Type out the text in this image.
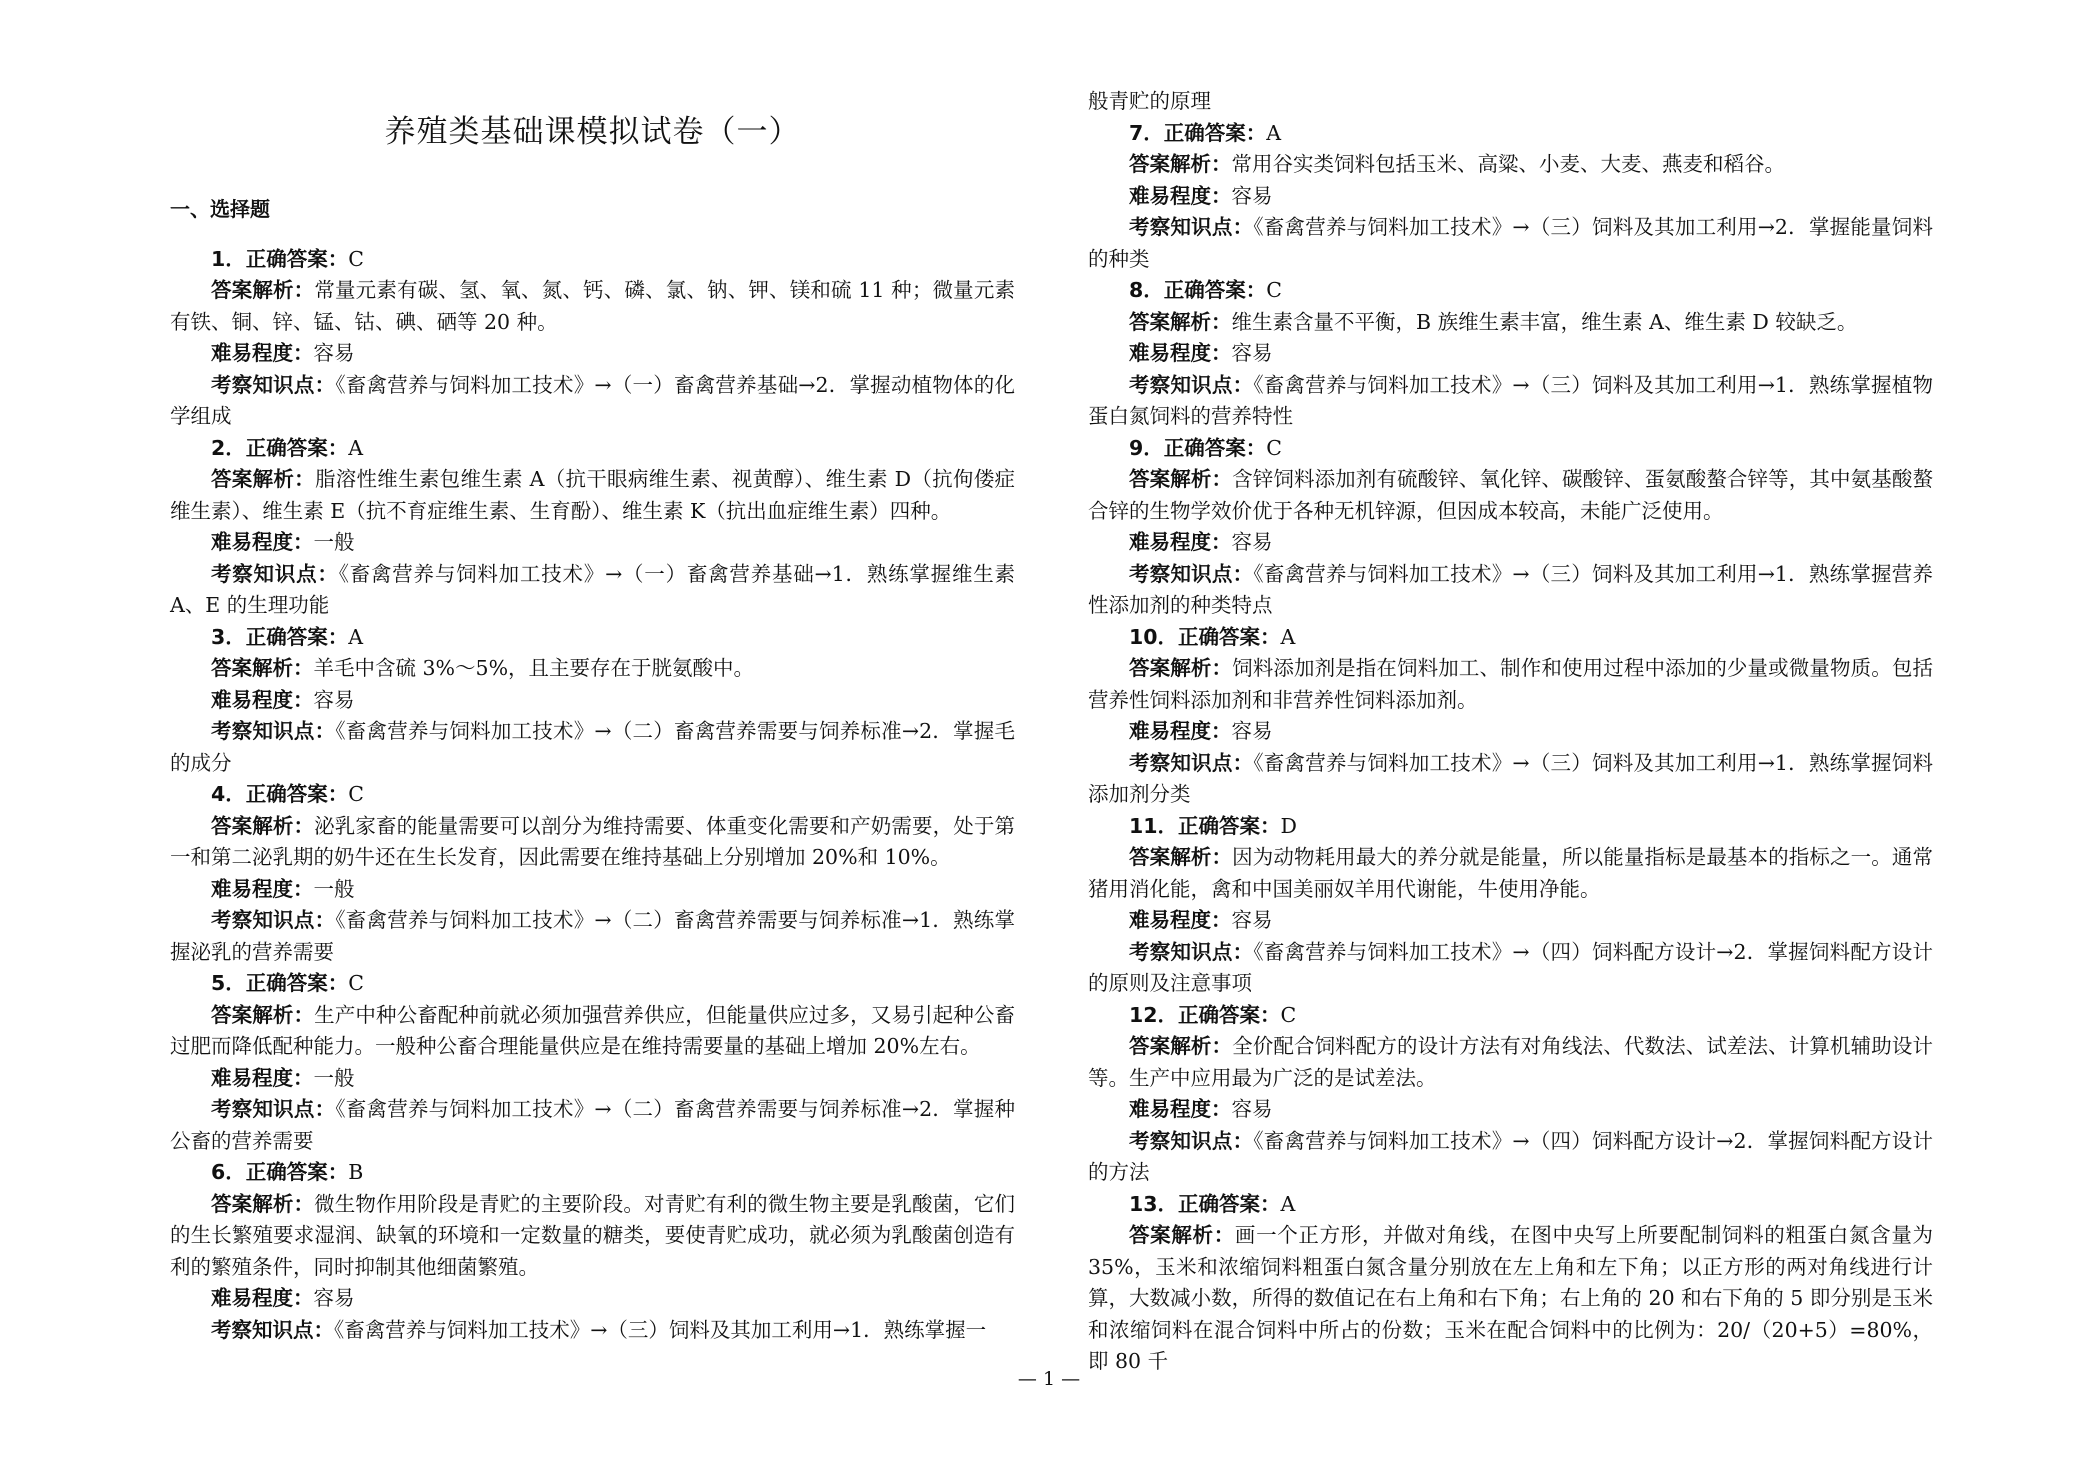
养殖类基础课模拟试卷（一）
一、选择题

1．正确答案：C

答案解析：常量元素有碳、氢、氧、氮、钙、磷、氯、钠、钾、镁和硫 11 种；微量元素有铁、铜、锌、锰、钴、碘、硒等 20 种。

难易程度：容易

考察知识点：《畜禽营养与饲料加工技术》→（一）畜禽营养基础→2．掌握动植物体的化学组成

2．正确答案：A

答案解析：脂溶性维生素包维生素 A（抗干眼病维生素、视黄醇）、维生素 D（抗佝偻症维生素）、维生素 E（抗不育症维生素、生育酚）、维生素 K（抗出血症维生素）四种。

难易程度：一般

考察知识点：《畜禽营养与饲料加工技术》→（一）畜禽营养基础→1．熟练掌握维生素 A、E 的生理功能

3．正确答案：A

答案解析：羊毛中含硫 3%～5%，且主要存在于胱氨酸中。

难易程度：容易

考察知识点：《畜禽营养与饲料加工技术》→（二）畜禽营养需要与饲养标准→2．掌握毛的成分

4．正确答案：C

答案解析：泌乳家畜的能量需要可以剖分为维持需要、体重变化需要和产奶需要，处于第一和第二泌乳期的奶牛还在生长发育，因此需要在维持基础上分别增加 20%和 10%。

难易程度：一般

考察知识点：《畜禽营养与饲料加工技术》→（二）畜禽营养需要与饲养标准→1．熟练掌握泌乳的营养需要

5．正确答案：C

答案解析：生产中种公畜配种前就必须加强营养供应，但能量供应过多，又易引起种公畜过肥而降低配种能力。一般种公畜合理能量供应是在维持需要量的基础上增加 20%左右。

难易程度：一般

考察知识点：《畜禽营养与饲料加工技术》→（二）畜禽营养需要与饲养标准→2．掌握种公畜的营养需要

6．正确答案：B

答案解析：微生物作用阶段是青贮的主要阶段。对青贮有利的微生物主要是乳酸菌，它们的生长繁殖要求湿润、缺氧的环境和一定数量的糖类，要使青贮成功，就必须为乳酸菌创造有利的繁殖条件，同时抑制其他细菌繁殖。

难易程度：容易

考察知识点：《畜禽营养与饲料加工技术》→（三）饲料及其加工利用→1．熟练掌握一

般青贮的原理

7．正确答案：A

答案解析：常用谷实类饲料包括玉米、高粱、小麦、大麦、燕麦和稻谷。

难易程度：容易

考察知识点：《畜禽营养与饲料加工技术》→（三）饲料及其加工利用→2．掌握能量饲料的种类

8．正确答案：C

答案解析：维生素含量不平衡，B 族维生素丰富，维生素 A、维生素 D 较缺乏。

难易程度：容易

考察知识点：《畜禽营养与饲料加工技术》→（三）饲料及其加工利用→1．熟练掌握植物蛋白氮饲料的营养特性

9．正确答案：C

答案解析：含锌饲料添加剂有硫酸锌、氧化锌、碳酸锌、蛋氨酸螯合锌等，其中氨基酸螯合锌的生物学效价优于各种无机锌源，但因成本较高，未能广泛使用。

难易程度：容易

考察知识点：《畜禽营养与饲料加工技术》→（三）饲料及其加工利用→1．熟练掌握营养性添加剂的种类特点

10．正确答案：A

答案解析：饲料添加剂是指在饲料加工、制作和使用过程中添加的少量或微量物质。包括营养性饲料添加剂和非营养性饲料添加剂。

难易程度：容易

考察知识点：《畜禽营养与饲料加工技术》→（三）饲料及其加工利用→1．熟练掌握饲料添加剂分类

11．正确答案：D

答案解析：因为动物耗用最大的养分就是能量，所以能量指标是最基本的指标之一。通常猪用消化能，禽和中国美丽奴羊用代谢能，牛使用净能。

难易程度：容易

考察知识点：《畜禽营养与饲料加工技术》→（四）饲料配方设计→2．掌握饲料配方设计的原则及注意事项

12．正确答案：C

答案解析：全价配合饲料配方的设计方法有对角线法、代数法、试差法、计算机辅助设计等。生产中应用最为广泛的是试差法。

难易程度：容易

考察知识点：《畜禽营养与饲料加工技术》→（四）饲料配方设计→2．掌握饲料配方设计的方法

13．正确答案：A

答案解析：画一个正方形，并做对角线，在图中央写上所要配制饲料的粗蛋白氮含量为 35%，玉米和浓缩饲料粗蛋白氮含量分别放在左上角和左下角；以正方形的两对角线进行计算，大数减小数，所得的数值记在右上角和右下角；右上角的 20 和右下角的 5 即分别是玉米和浓缩饲料在混合饲料中所占的份数；玉米在配合饲料中的比例为：20/（20+5）=80%，即 80 千

— 1 —
